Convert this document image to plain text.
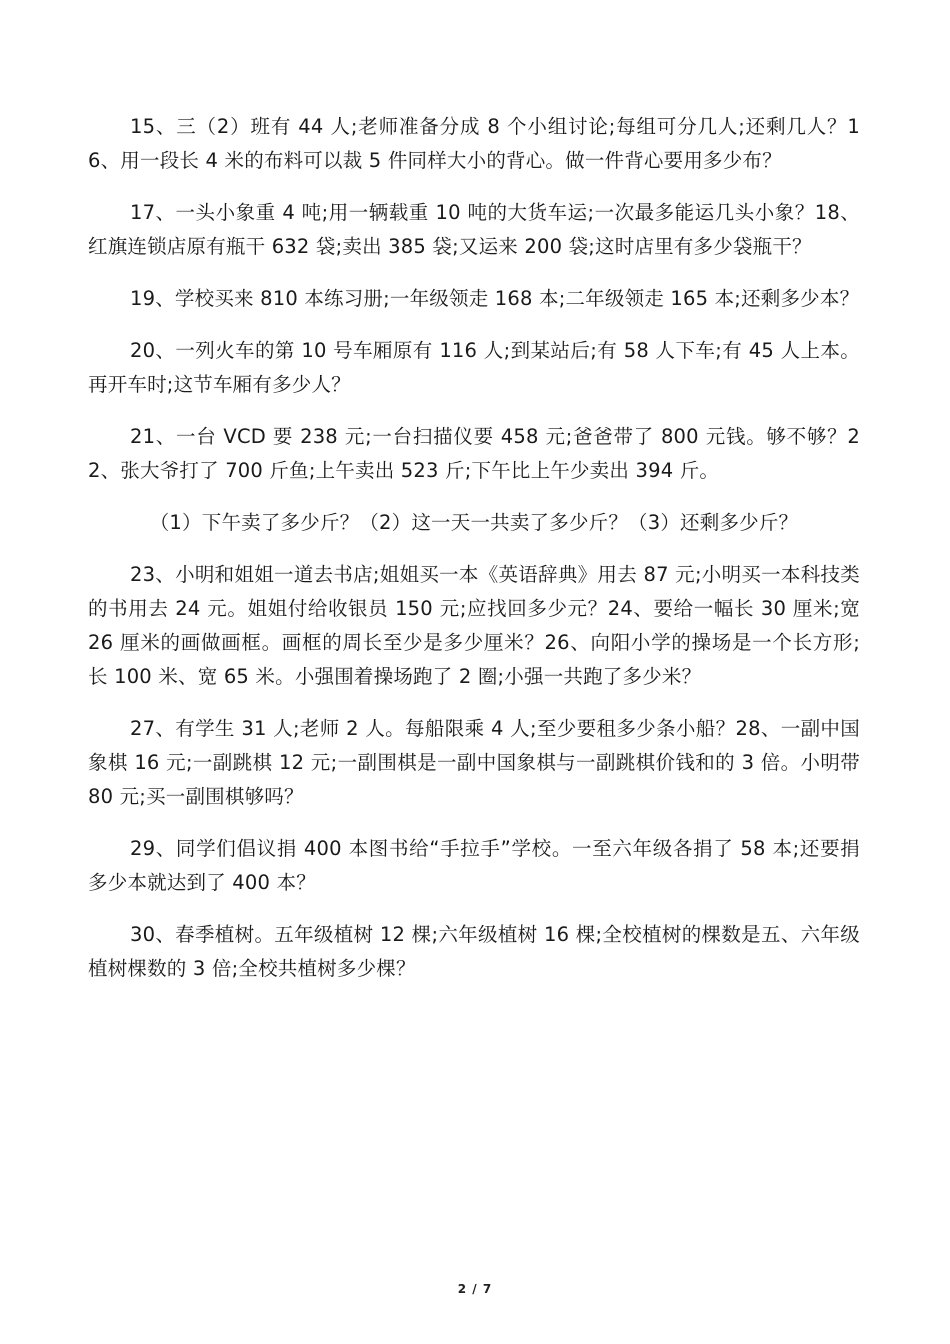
15、三（2）班有 44 人;老师准备分成 8 个小组讨论;每组可分几人;还剩几人？16、用一段长 4 米的布料可以裁 5 件同样大小的背心。做一件背心要用多少布？

17、一头小象重 4 吨;用一辆载重 10 吨的大货车运;一次最多能运几头小象？18、红旗连锁店原有瓶干 632 袋;卖出 385 袋;又运来 200 袋;这时店里有多少袋瓶干？

19、学校买来 810 本练习册;一年级领走 168 本;二年级领走 165 本;还剩多少本？

20、一列火车的第 10 号车厢原有 116 人;到某站后;有 58 人下车;有 45 人上本。再开车时;这节车厢有多少人？

21、一台 VCD 要 238 元;一台扫描仪要 458 元;爸爸带了 800 元钱。够不够？22、张大爷打了 700 斤鱼;上午卖出 523 斤;下午比上午少卖出 394 斤。

（1）下午卖了多少斤？（2）这一天一共卖了多少斤？（3）还剩多少斤？

23、小明和姐姐一道去书店;姐姐买一本《英语辞典》用去 87 元;小明买一本科技类的书用去 24 元。姐姐付给收银员 150 元;应找回多少元？24、要给一幅长 30 厘米;宽 26 厘米的画做画框。画框的周长至少是多少厘米？26、向阳小学的操场是一个长方形;长 100 米、宽 65 米。小强围着操场跑了 2 圈;小强一共跑了多少米？

27、有学生 31 人;老师 2 人。每船限乘 4 人;至少要租多少条小船？28、一副中国象棋 16 元;一副跳棋 12 元;一副围棋是一副中国象棋与一副跳棋价钱和的 3 倍。小明带 80 元;买一副围棋够吗？

29、同学们倡议捐 400 本图书给“手拉手”学校。一至六年级各捐了 58 本;还要捐多少本就达到了 400 本？

30、春季植树。五年级植树 12 棵;六年级植树 16 棵;全校植树的棵数是五、六年级植树棵数的 3 倍;全校共植树多少棵？

2 / 7
